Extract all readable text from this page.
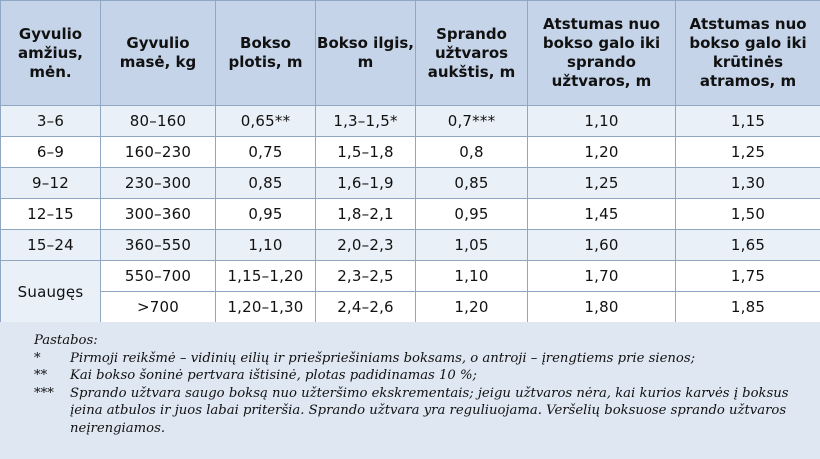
Gyvulio amžius, mėn.	Gyvulio masė, kg	Bokso plotis, m	Bokso ilgis, m	Sprando užtvaros aukštis, m	Atstumas nuo bokso galo iki sprando užtvaros, m	Atstumas nuo bokso galo iki krūtinės atramos, m
3–6	80–160	0,65**	1,3–1,5*	0,7***	1,10	1,15
6–9	160–230	0,75	1,5–1,8	0,8	1,20	1,25
9–12	230–300	0,85	1,6–1,9	0,85	1,25	1,30
12–15	300–360	0,95	1,8–2,1	0,95	1,45	1,50
15–24	360–550	1,10	2,0–2,3	1,05	1,60	1,65
Suaugęs	550–700	1,15–1,20	2,3–2,5	1,10	1,70	1,75
	>700	1,20–1,30	2,4–2,6	1,20	1,80	1,85
Pastabos:
*	Pirmoji reikšmė – vidinių eilių ir priešpriešiniams boksams, o antroji – įrengtiems prie sienos;
**	Kai bokso šoninė pertvara ištisinė, plotas padidinamas 10 %;
***	Sprando užtvara saugo boksą nuo užteršimo ekskrementais; jeigu užtvaros nėra, kai kurios karvės į boksus įeina atbulos ir juos labai priteršia. Sprando užtvara yra reguliuojama. Veršelių boksuose sprando užtvaros neįrengiamos.
